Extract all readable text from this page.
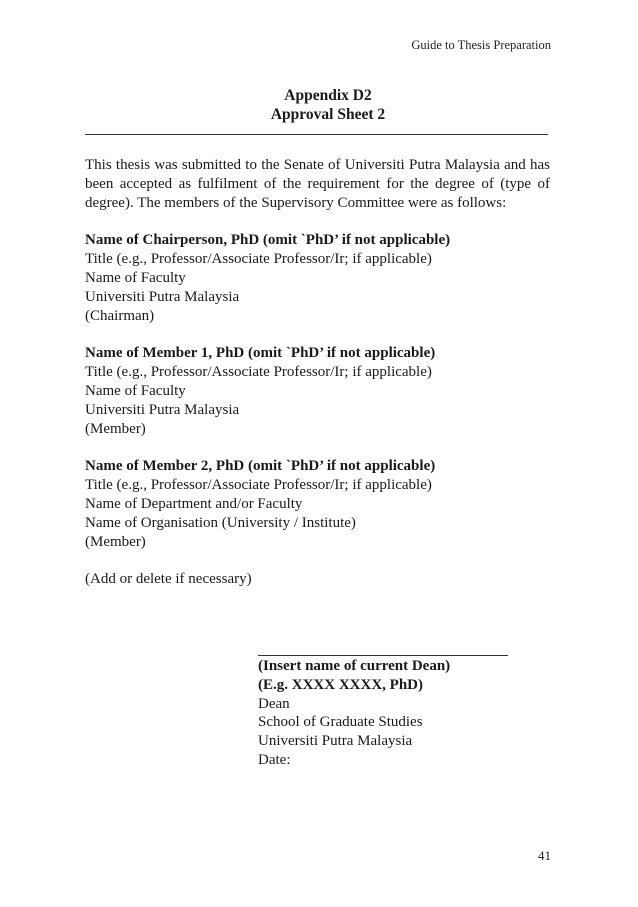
Guide to Thesis Preparation
Appendix D2
Approval Sheet 2

This thesis was submitted to the Senate of Universiti Putra Malaysia and has been accepted as fulfilment of the requirement for the degree of (type of degree). The members of the Supervisory Committee were as follows:

Name of Chairperson, PhD (omit `PhD’ if not applicable)
Title (e.g., Professor/Associate Professor/Ir; if applicable)
Name of Faculty
Universiti Putra Malaysia
(Chairman)
Name of Member 1, PhD (omit `PhD’ if not applicable)
Title (e.g., Professor/Associate Professor/Ir; if applicable)
Name of Faculty
Universiti Putra Malaysia
(Member)
Name of Member 2, PhD (omit `PhD’ if not applicable)
Title (e.g., Professor/Associate Professor/Ir; if applicable)
Name of Department and/or Faculty
Name of Organisation (University / Institute)
(Member)
(Add or delete if necessary)
(Insert name of current Dean)
(E.g. XXXX XXXX, PhD)
Dean
School of Graduate Studies
Universiti Putra Malaysia
Date:
41
